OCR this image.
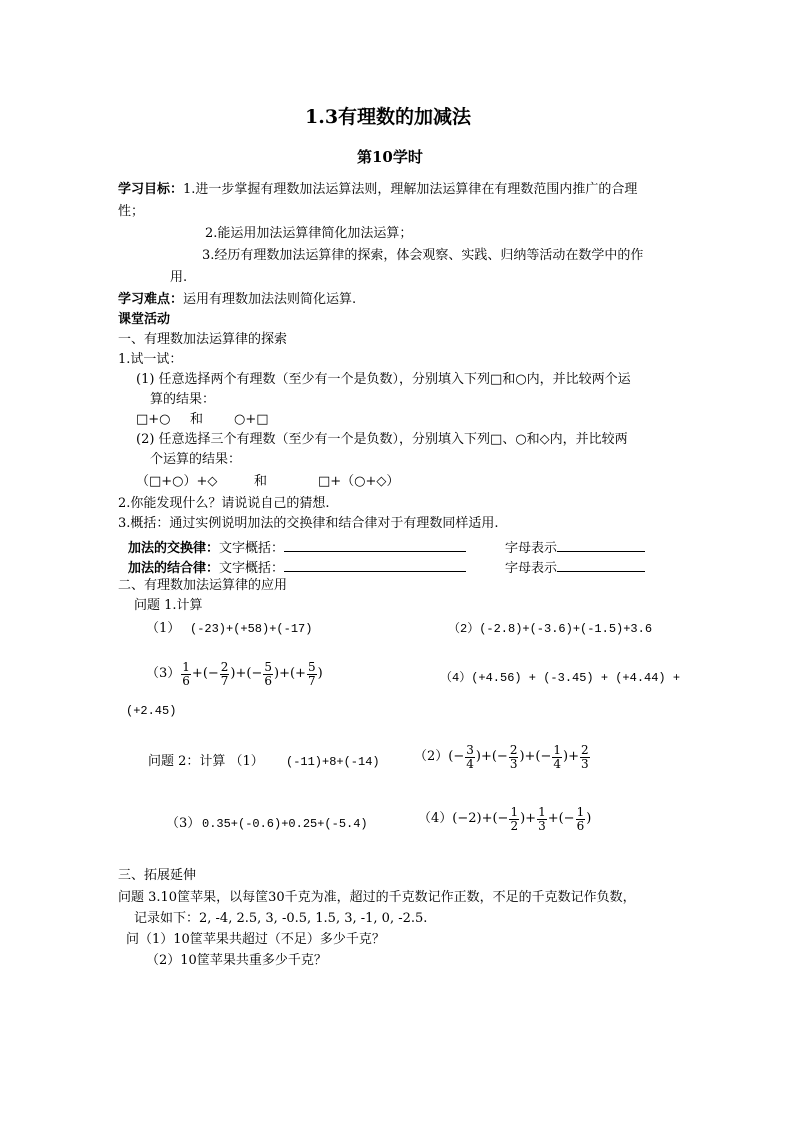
1.3有理数的加减法
第10学时
学习目标：1.进一步掌握有理数加法运算法则，理解加法运算律在有理数范围内推广的合理
性；
2.能运用加法运算律简化加法运算；
3.经历有理数加法运算律的探索，体会观察、实践、归纳等活动在数学中的作
用.
学习难点：运用有理数加法法则简化运算.
课堂活动
一、有理数加法运算律的探索
1.试一试：
(1) 任意选择两个有理数（至少有一个是负数），分别填入下列□和○内，并比较两个运
算的结果：
□+○ 和 ○+□
(2) 任意选择三个有理数（至少有一个是负数），分别填入下列□、○和◇内，并比较两
个运算的结果：
（□+○）+◇	和	□+（○+◇）
2.你能发现什么？请说说自己的猜想.
3.概括：通过实例说明加法的交换律和结合律对于有理数同样适用.
加法的交换律：文字概括：	字母表示
加法的结合律：文字概括：	字母表示
二、有理数加法运算律的应用
问题 1.计算
（1） (-23)+(+58)+(-17)	（2）(-2.8)+(-3.6)+(-1.5)+3.6
$(3) \frac{1}{6}$ +(− $\frac{2}{7}$ )+(− $\frac{5}{6}$ )+(+ $\frac{5}{7}$ )	（4）(+4.56) + (-3.45) + (+4.44) +
(+2.45)
问题 2：计算 （1） (-11)+8+(-14)	（2） (− $\frac{3}{4}$ )+(− $\frac{2}{3}$ )+(− $\frac{1}{4}$ )+ $\frac{2}{3}$
（3） 0.35+(-0.6)+0.25+(-5.4)	（4） $(-2)+(- \frac{1}{2}$ )+ $\frac{1}{3}$ +(− $\frac{1}{6}$ )
三、拓展延伸
问题 3.10筐苹果，以每筐30千克为准，超过的千克数记作正数，不足的千克数记作负数，
记录如下：2, -4, 2.5, 3, -0.5, 1.5, 3, -1, 0, -2.5.
问（1）10筐苹果共超过（不足）多少千克？
（2）10筐苹果共重多少千克？
